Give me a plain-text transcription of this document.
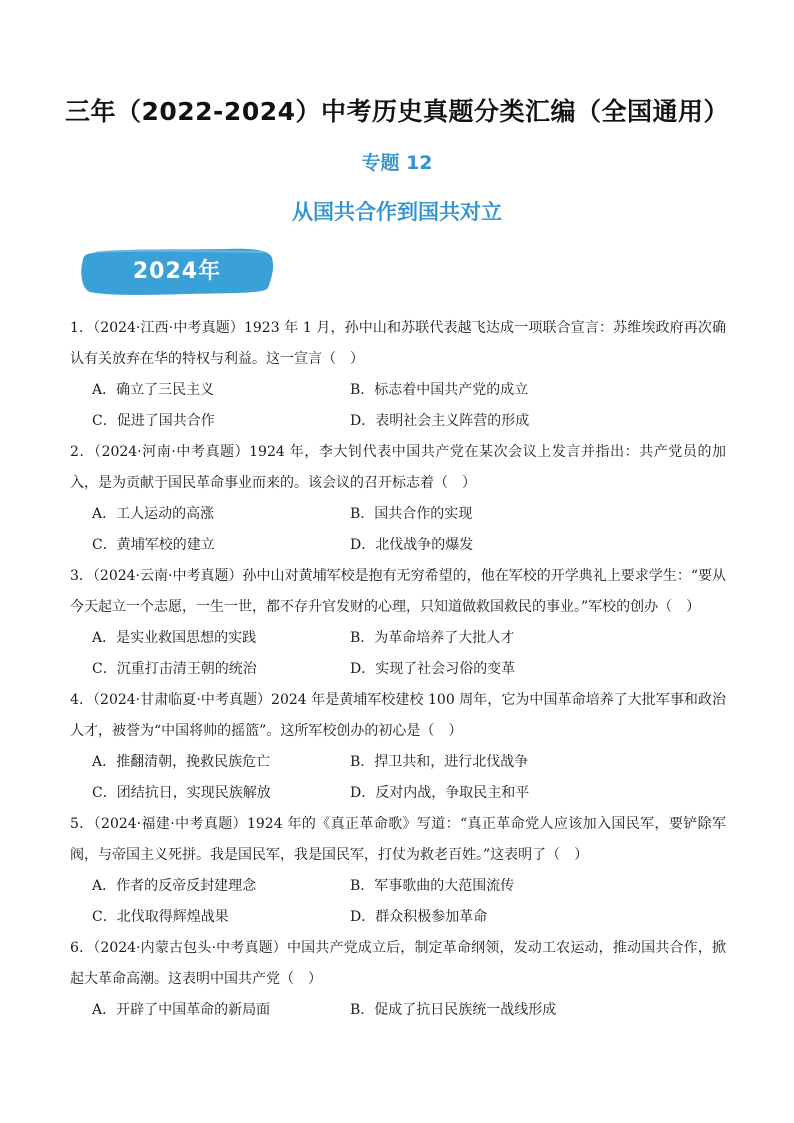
三年（2022-2024）中考历史真题分类汇编（全国通用）
专题 12
从国共合作到国共对立
2024年
1．（2024·江西·中考真题）1923 年 1 月，孙中山和苏联代表越飞达成一项联合宣言：苏维埃政府再次确认有关放弃在华的特权与利益。这一宣言（　）
A．确立了三民主义	B．标志着中国共产党的成立
C．促进了国共合作	D．表明社会主义阵营的形成
2．（2024·河南·中考真题）1924 年，李大钊代表中国共产党在某次会议上发言并指出：共产党员的加入，是为贡献于国民革命事业而来的。该会议的召开标志着（　）
A．工人运动的高涨	B．国共合作的实现
C．黄埔军校的建立	D．北伐战争的爆发
3．（2024·云南·中考真题）孙中山对黄埔军校是抱有无穷希望的，他在军校的开学典礼上要求学生：“要从今天起立一个志愿，一生一世，都不存升官发财的心理，只知道做救国救民的事业。”军校的创办（　）
A．是实业救国思想的实践	B．为革命培养了大批人才
C．沉重打击清王朝的统治	D．实现了社会习俗的变革
4．（2024·甘肃临夏·中考真题）2024 年是黄埔军校建校 100 周年，它为中国革命培养了大批军事和政治人才，被誉为“中国将帅的摇篮”。这所军校创办的初心是（　）
A．推翻清朝，挽救民族危亡	B．捍卫共和，进行北伐战争
C．团结抗日，实现民族解放	D．反对内战，争取民主和平
5．（2024·福建·中考真题）1924 年的《真正革命歌》写道：“真正革命党人应该加入国民军，要铲除军阀，与帝国主义死拼。我是国民军，我是国民军，打仗为救老百姓。”这表明了（　）
A．作者的反帝反封建理念	B．军事歌曲的大范围流传
C．北伐取得辉煌战果	D．群众积极参加革命
6．（2024·内蒙古包头·中考真题）中国共产党成立后，制定革命纲领，发动工农运动，推动国共合作，掀起大革命高潮。这表明中国共产党（　）
A．开辟了中国革命的新局面	B．促成了抗日民族统一战线形成
